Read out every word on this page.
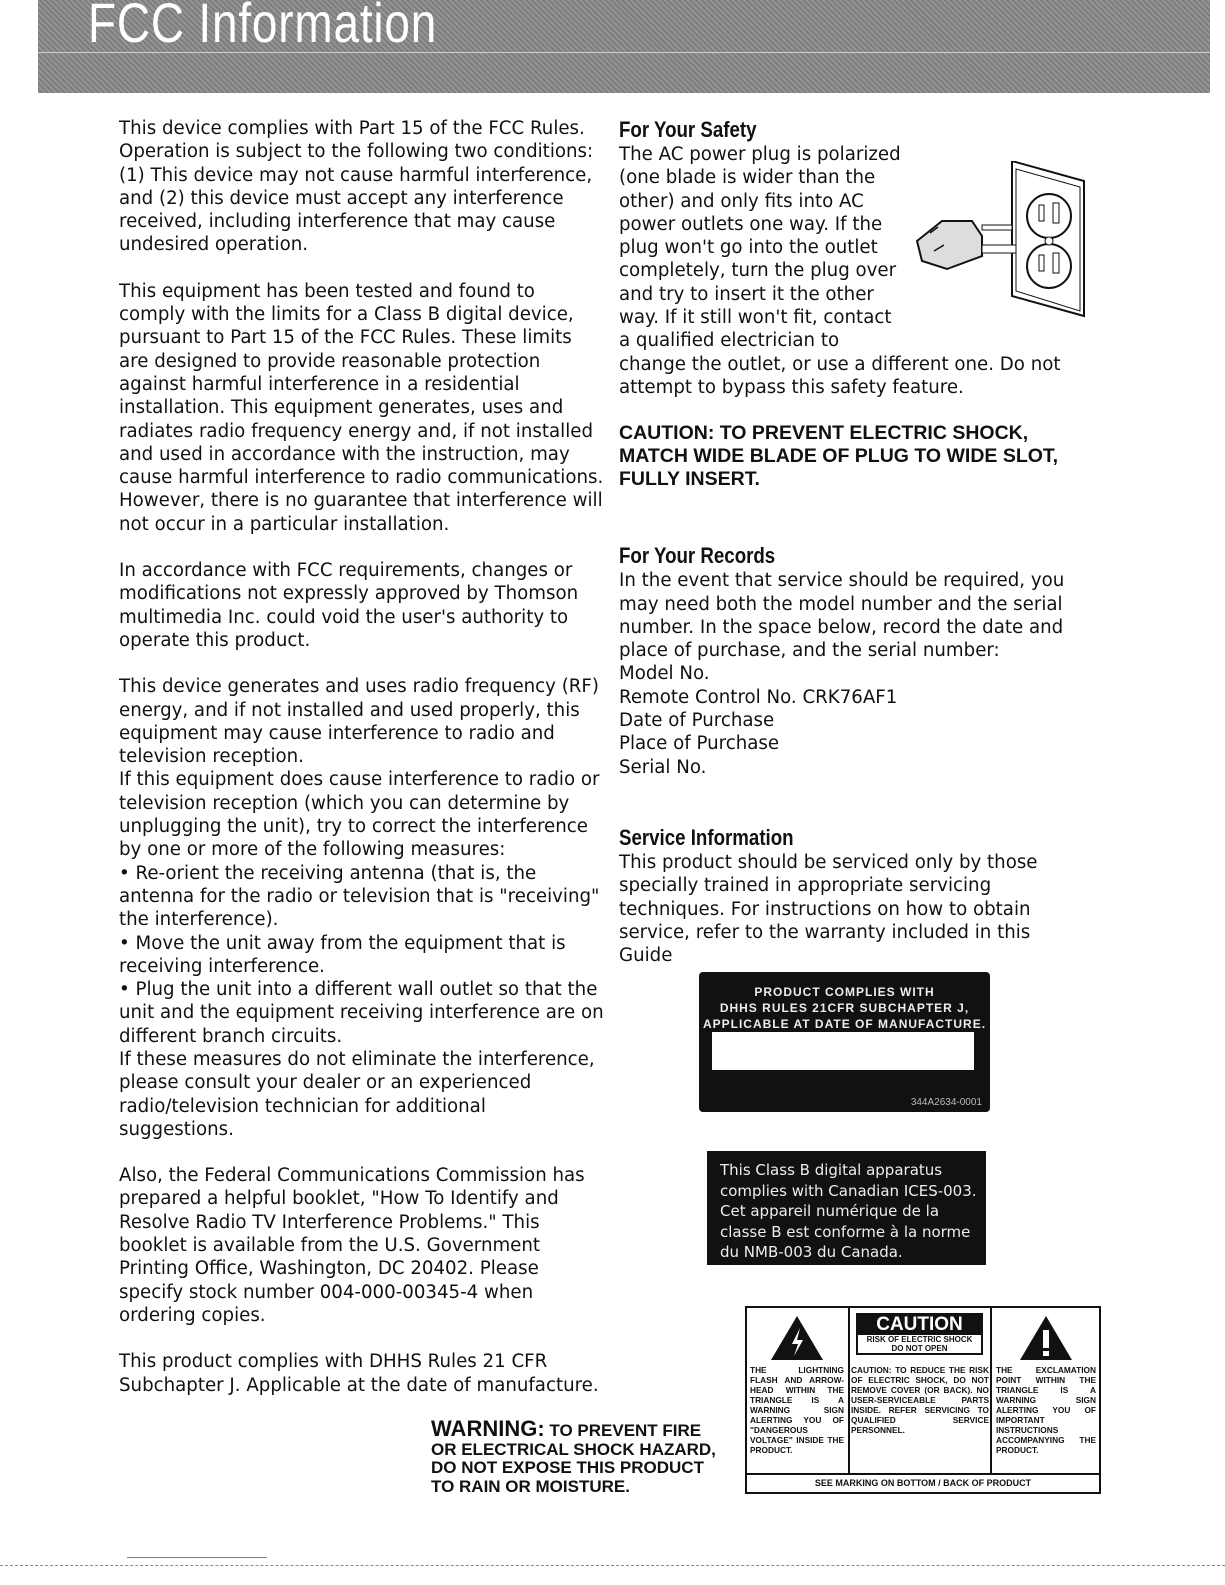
FCC Information

This device complies with Part 15 of the FCC Rules. Operation is subject to the following two conditions: (1) This device may not cause harmful interference, and (2) this device must accept any interference received, including interference that may cause undesired operation.

This equipment has been tested and found to comply with the limits for a Class B digital device, pursuant to Part 15 of the FCC Rules. These limits are designed to provide reasonable protection against harmful interference in a residential installation. This equipment generates, uses and radiates radio frequency energy and, if not installed and used in accordance with the instruction, may cause harmful interference to radio communications. However, there is no guarantee that interference will not occur in a particular installation.

In accordance with FCC requirements, changes or modifications not expressly approved by Thomson multimedia Inc. could void the user's authority to operate this product.

This device generates and uses radio frequency (RF) energy, and if not installed and used properly, this equipment may cause interference to radio and television reception.

If this equipment does cause interference to radio or television reception (which you can determine by unplugging the unit), try to correct the interference by one or more of the following measures:

• Re-orient the receiving antenna (that is, the antenna for the radio or television that is "receiving" the interference).

• Move the unit away from the equipment that is receiving interference.

• Plug the unit into a different wall outlet so that the unit and the equipment receiving interference are on different branch circuits.

If these measures do not eliminate the interference, please consult your dealer or an experienced radio/television technician for additional suggestions.

Also, the Federal Communications Commission has prepared a helpful booklet, "How To Identify and Resolve Radio TV Interference Problems." This booklet is available from the U.S. Government Printing Office, Washington, DC 20402. Please specify stock number 004-000-00345-4 when ordering copies.

This product complies with DHHS Rules 21 CFR Subchapter J. Applicable at the date of manufacture.

For Your Safety

The AC power plug is polarized

(one blade is wider than the

other) and only fits into AC

power outlets one way. If the

plug won't go into the outlet

completely, turn the plug over

and try to insert it the other

way. If it still won't fit, contact

a qualified electrician to

change the outlet, or use a different one. Do not attempt to bypass this safety feature.

CAUTION: TO PREVENT ELECTRIC SHOCK, MATCH WIDE BLADE OF PLUG TO WIDE SLOT, FULLY INSERT.

For Your Records

In the event that service should be required, you may need both the model number and the serial number. In the space below, record the date and place of purchase, and the serial number:

Model No.

Remote Control No. CRK76AF1

Date of Purchase

Place of Purchase

Serial No.

Service Information

This product should be serviced only by those specially trained in appropriate servicing techniques. For instructions on how to obtain service, refer to the warranty included in this Guide

PRODUCT COMPLIES WITH
DHHS RULES 21CFR SUBCHAPTER J,
APPLICABLE AT DATE OF MANUFACTURE.
344A2634-0001
This Class B digital apparatus complies with Canadian ICES-003. Cet appareil numérique de la classe B est conforme à la norme du NMB-003 du Canada.
WARNING: TO PREVENT FIRE
OR ELECTRICAL SHOCK HAZARD,
DO NOT EXPOSE THIS PRODUCT
TO RAIN OR MOISTURE.
THE LIGHTNING FLASH AND ARROW-HEAD WITHIN THE TRIANGLE IS A WARNING SIGN ALERTING YOU OF "DANGEROUS VOLTAGE" INSIDE THE PRODUCT.
CAUTION
RISK OF ELECTRIC SHOCK
DO NOT OPEN
CAUTION: TO REDUCE THE RISK OF ELECTRIC SHOCK, DO NOT REMOVE COVER (OR BACK). NO USER-SERVICEABLE PARTS INSIDE. REFER SERVICING TO QUALIFIED SERVICE PERSONNEL.
THE EXCLAMATION POINT WITHIN THE TRIANGLE IS A WARNING SIGN ALERTING YOU OF IMPORTANT INSTRUCTIONS ACCOMPANYING THE PRODUCT.
SEE MARKING ON BOTTOM / BACK OF PRODUCT
